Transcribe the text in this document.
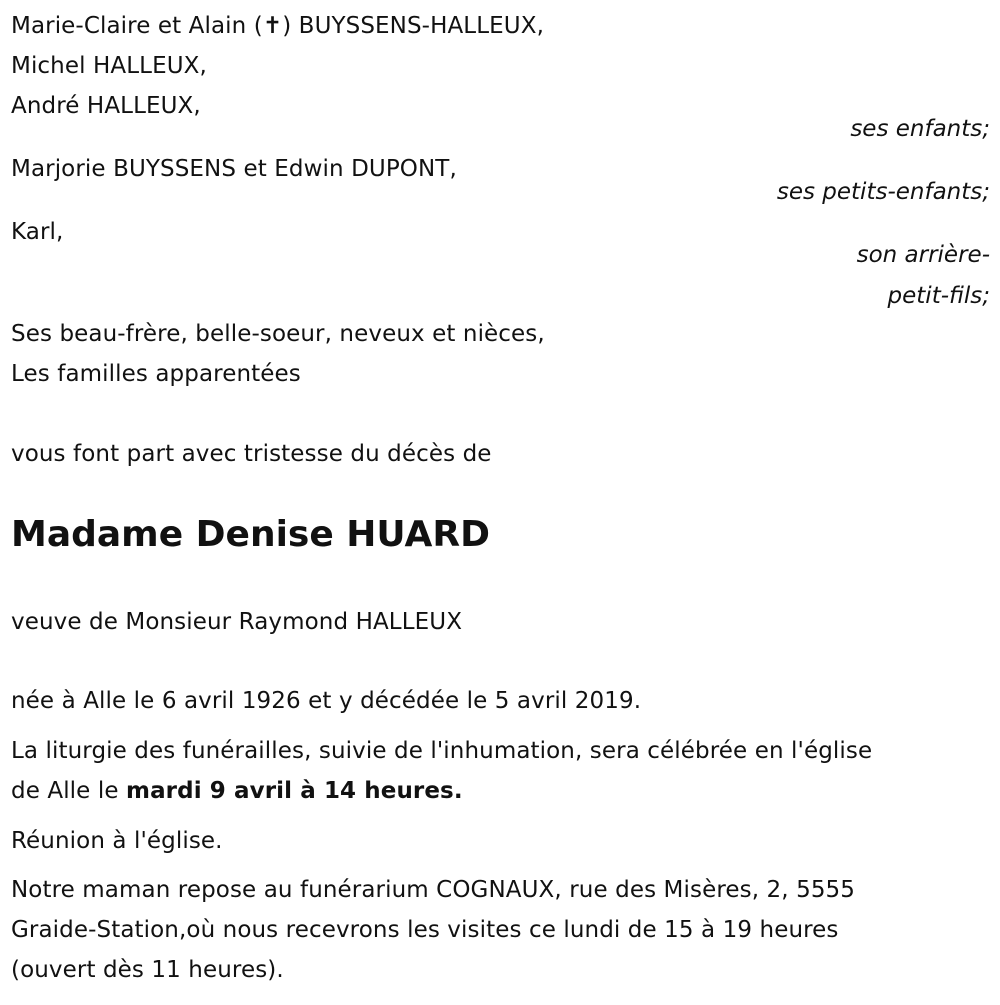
Marie-Claire et Alain (✝) BUYSSENS-HALLEUX,
Michel HALLEUX,
André HALLEUX,
ses enfants;
Marjorie BUYSSENS et Edwin DUPONT,
ses petits-enfants;
Karl,
son arrière-
petit-fils;
Ses beau-frère, belle-soeur, neveux et nièces,
Les familles apparentées
vous font part avec tristesse du décès de
Madame Denise HUARD
veuve de Monsieur Raymond HALLEUX
née à Alle le 6 avril 1926 et y décédée le 5 avril 2019.
La liturgie des funérailles, suivie de l'inhumation, sera célébrée en l'église
de Alle le mardi 9 avril à 14 heures.
Réunion à l'église.
Notre maman repose au funérarium COGNAUX, rue des Misères, 2, 5555
Graide-Station,où nous recevrons les visites ce lundi de 15 à 19 heures
(ouvert dès 11 heures).
